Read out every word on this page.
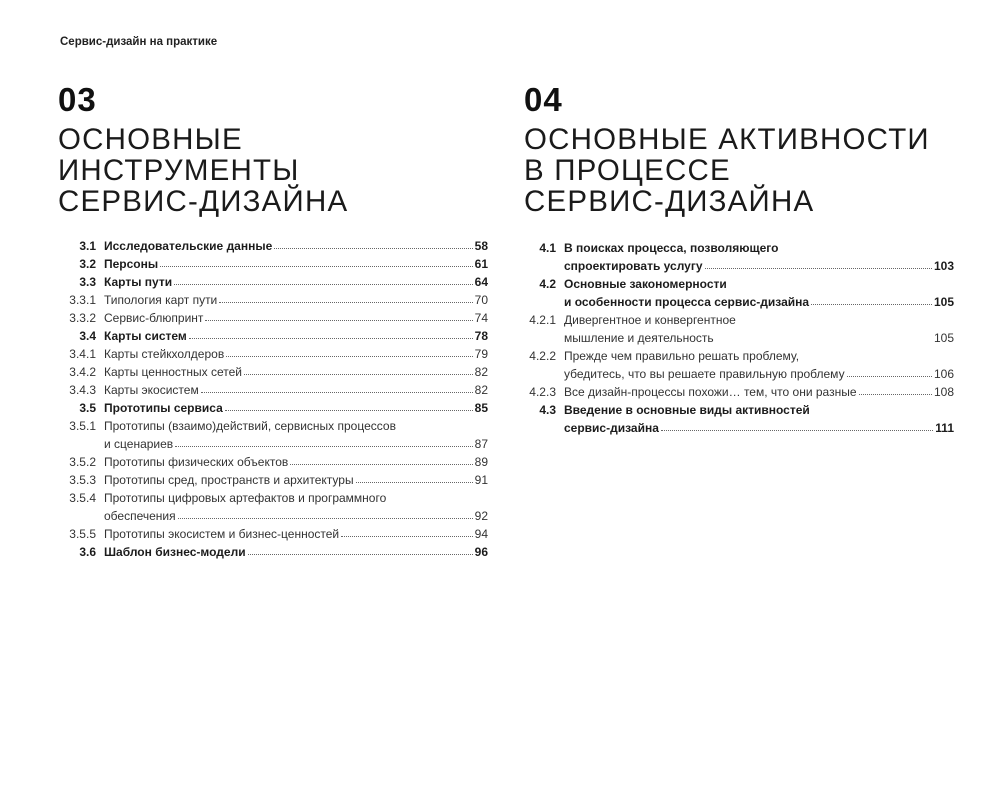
Сервис-дизайн на практике
03
ОСНОВНЫЕ
ИНСТРУМЕНТЫ
СЕРВИС-ДИЗАЙНА
04
ОСНОВНЫЕ АКТИВНОСТИ
В ПРОЦЕССЕ
СЕРВИС-ДИЗАЙНА
3.1 Исследовательские данные	58
3.2 Персоны	61
3.3 Карты пути	64
3.3.1 Типология карт пути	70
3.3.2 Сервис-блюпринт	74
3.4 Карты систем	78
3.4.1 Карты стейкхолдеров	79
3.4.2 Карты ценностных сетей	82
3.4.3 Карты экосистем	82
3.5 Прототипы сервиса	85
3.5.1 Прототипы (взаимо)действий, сервисных процессов
и сценариев	87
3.5.2 Прототипы физических объектов	89
3.5.3 Прототипы сред, пространств и архитектуры	91
3.5.4 Прототипы цифровых артефактов и программного
обеспечения	92
3.5.5 Прототипы экосистем и бизнес-ценностей	94
3.6 Шаблон бизнес-модели	96
4.1 В поисках процесса, позволяющего
спроектировать услугу	103
4.2 Основные закономерности
и особенности процесса сервис-дизайна	105
4.2.1 Дивергентное и конвергентное
мышление и деятельность	105
4.2.2 Прежде чем правильно решать проблему,
убедитесь, что вы решаете правильную проблему	106
4.2.3 Все дизайн-процессы похожи… тем, что они разные	108
4.3 Введение в основные виды активностей
сервис-дизайна	111
